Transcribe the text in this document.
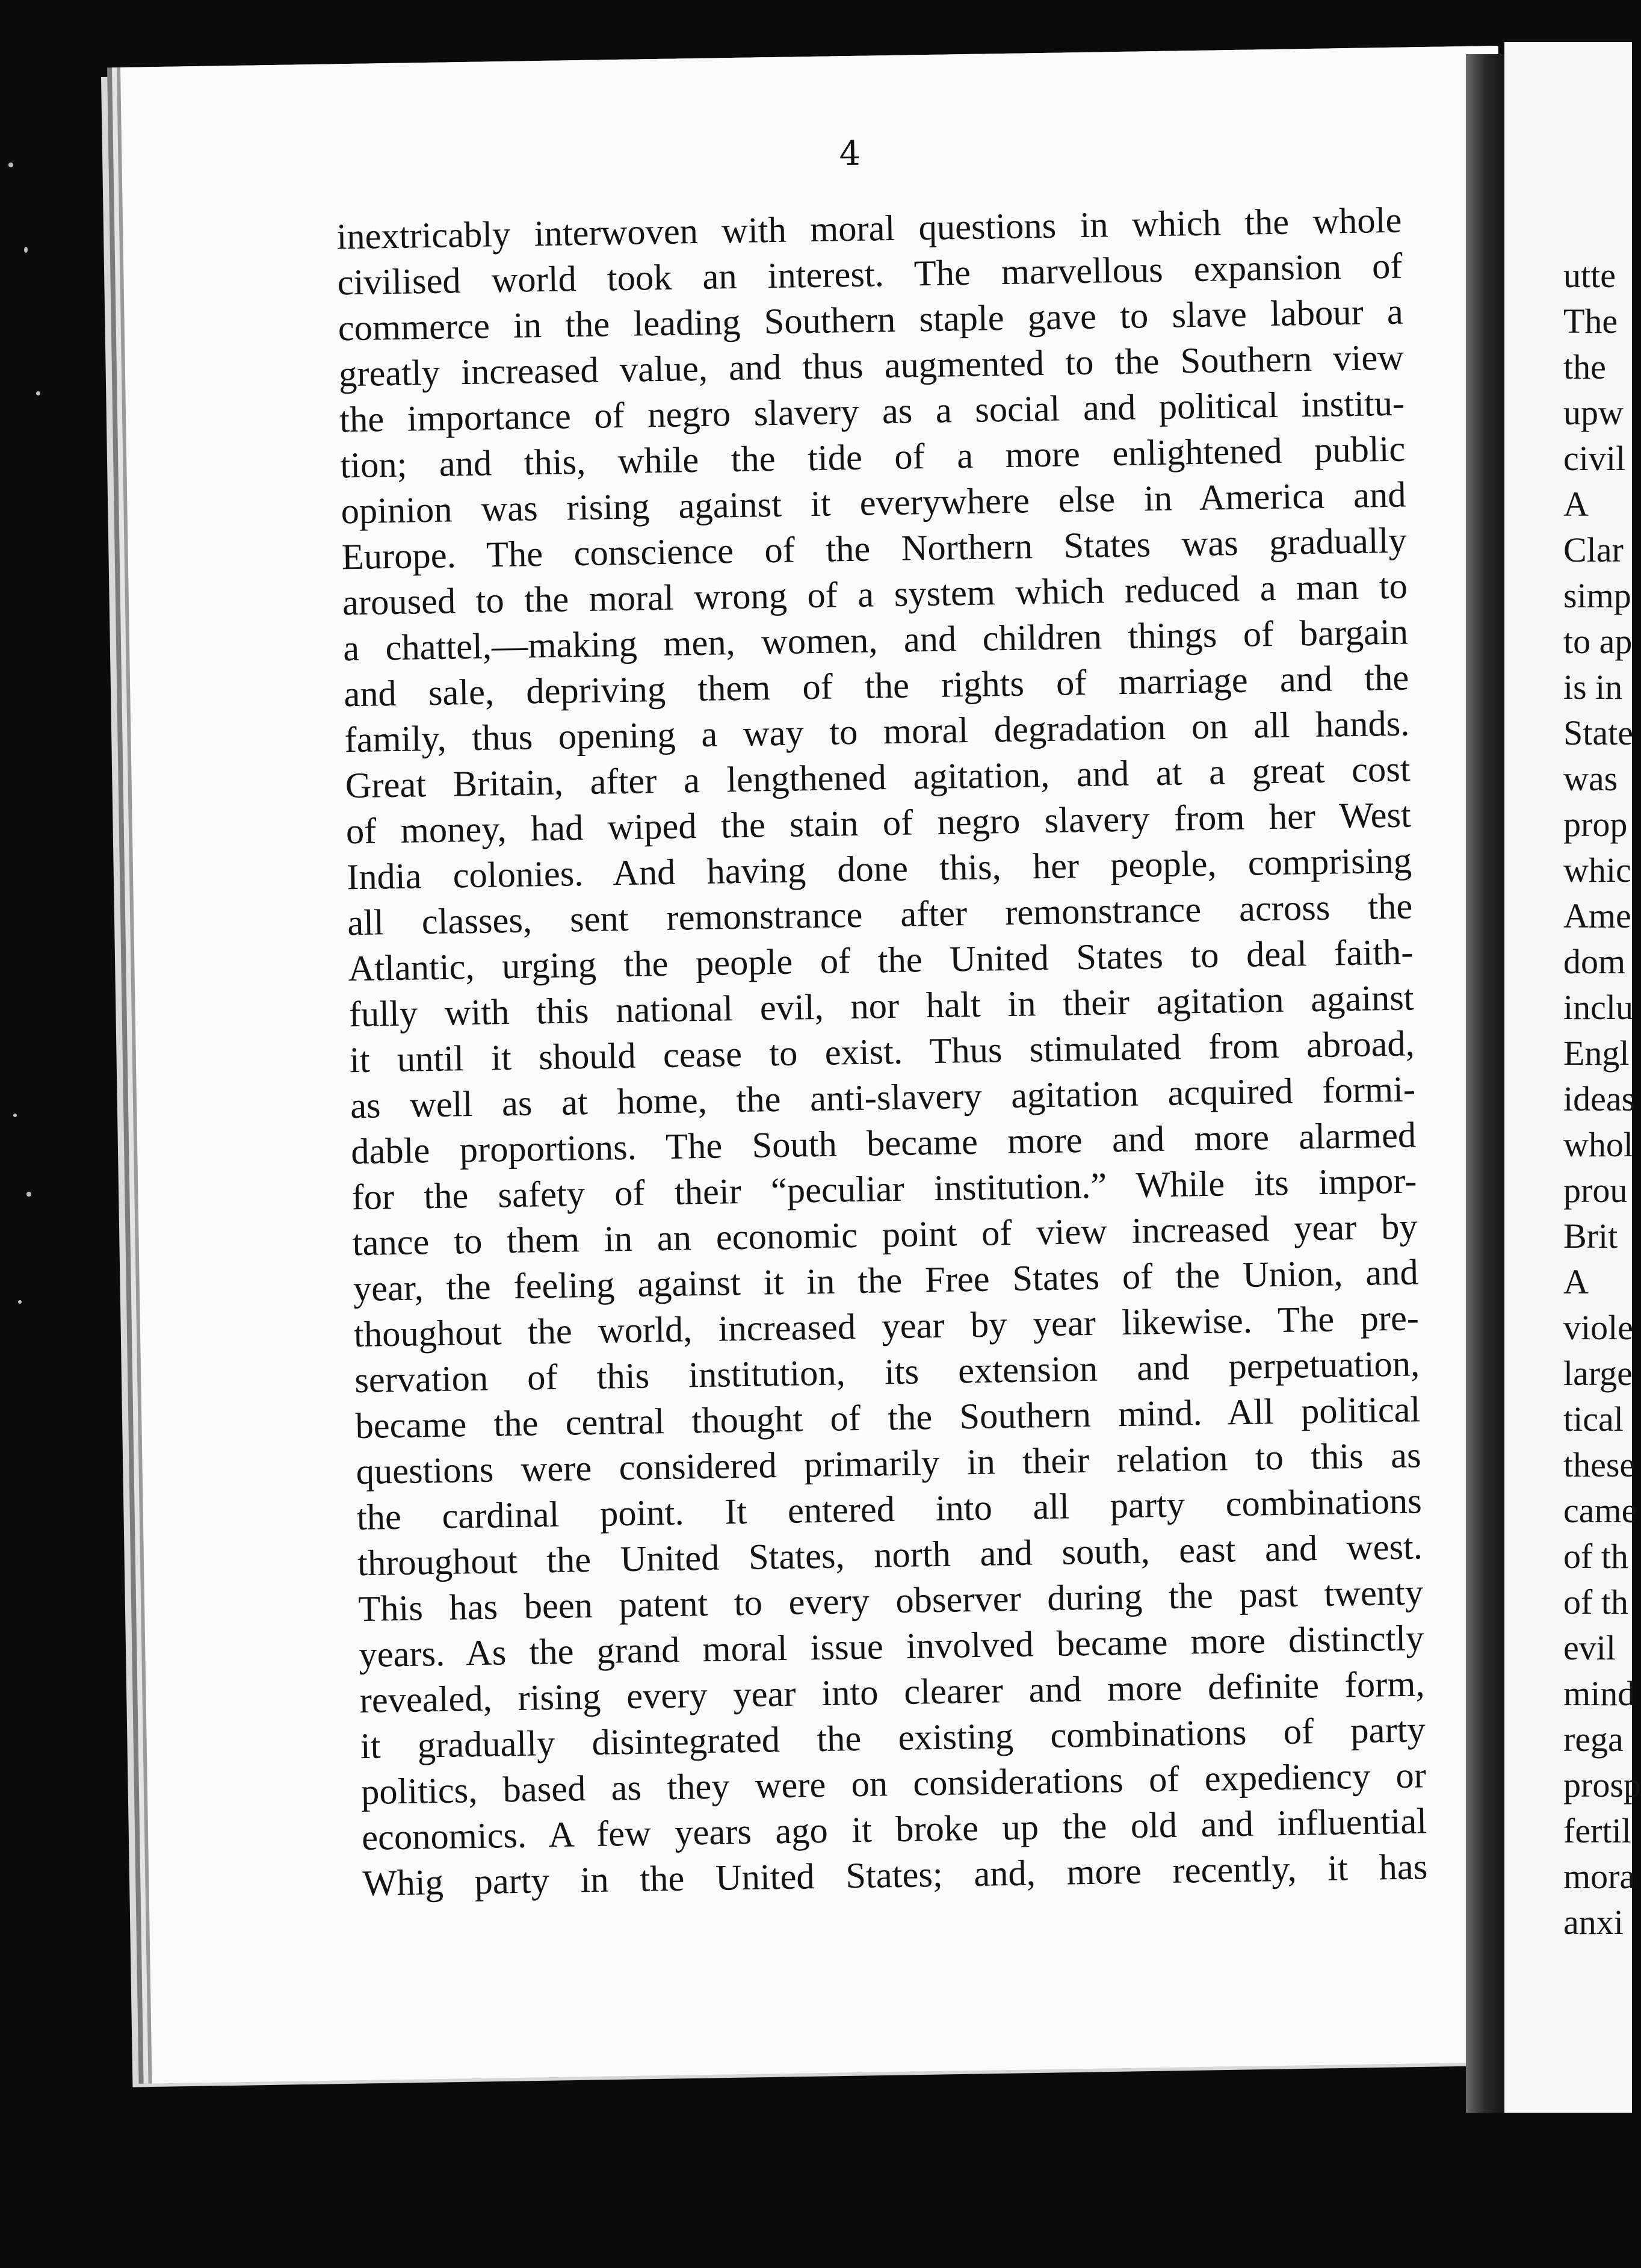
4
inextricably interwoven with moral questions in which the whole
civilised world took an interest. The marvellous expansion of
commerce in the leading Southern staple gave to slave labour a
greatly increased value, and thus augmented to the Southern view
the importance of negro slavery as a social and political institu-
tion; and this, while the tide of a more enlightened public
opinion was rising against it everywhere else in America and
Europe. The conscience of the Northern States was gradually
aroused to the moral wrong of a system which reduced a man to
a chattel,—making men, women, and children things of bargain
and sale, depriving them of the rights of marriage and the
family, thus opening a way to moral degradation on all hands.
Great Britain, after a lengthened agitation, and at a great cost
of money, had wiped the stain of negro slavery from her West
India colonies. And having done this, her people, comprising
all classes, sent remonstrance after remonstrance across the
Atlantic, urging the people of the United States to deal faith-
fully with this national evil, nor halt in their agitation against
it until it should cease to exist. Thus stimulated from abroad,
as well as at home, the anti-slavery agitation acquired formi-
dable proportions. The South became more and more alarmed
for the safety of their “peculiar institution.” While its impor-
tance to them in an economic point of view increased year by
year, the feeling against it in the Free States of the Union, and
thoughout the world, increased year by year likewise. The pre-
servation of this institution, its extension and perpetuation,
became the central thought of the Southern mind. All political
questions were considered primarily in their relation to this as
the cardinal point. It entered into all party combinations
throughout the United States, north and south, east and west.
This has been patent to every observer during the past twenty
years. As the grand moral issue involved became more distinctly
revealed, rising every year into clearer and more definite form,
it gradually disintegrated the existing combinations of party
politics, based as they were on considerations of expediency or
economics. A few years ago it broke up the old and influential
Whig party in the United States; and, more recently, it has
utte
The
the
upw
civil
A
Clar
simp
to ap
is in
State
was
prop
whic
Ame
dom
inclu
Engl
ideas
whol
prou
Brit
A
viole
large
tical
these
came
of th
of th
evil
mind
rega
prosp
fertil
mora
anxi
